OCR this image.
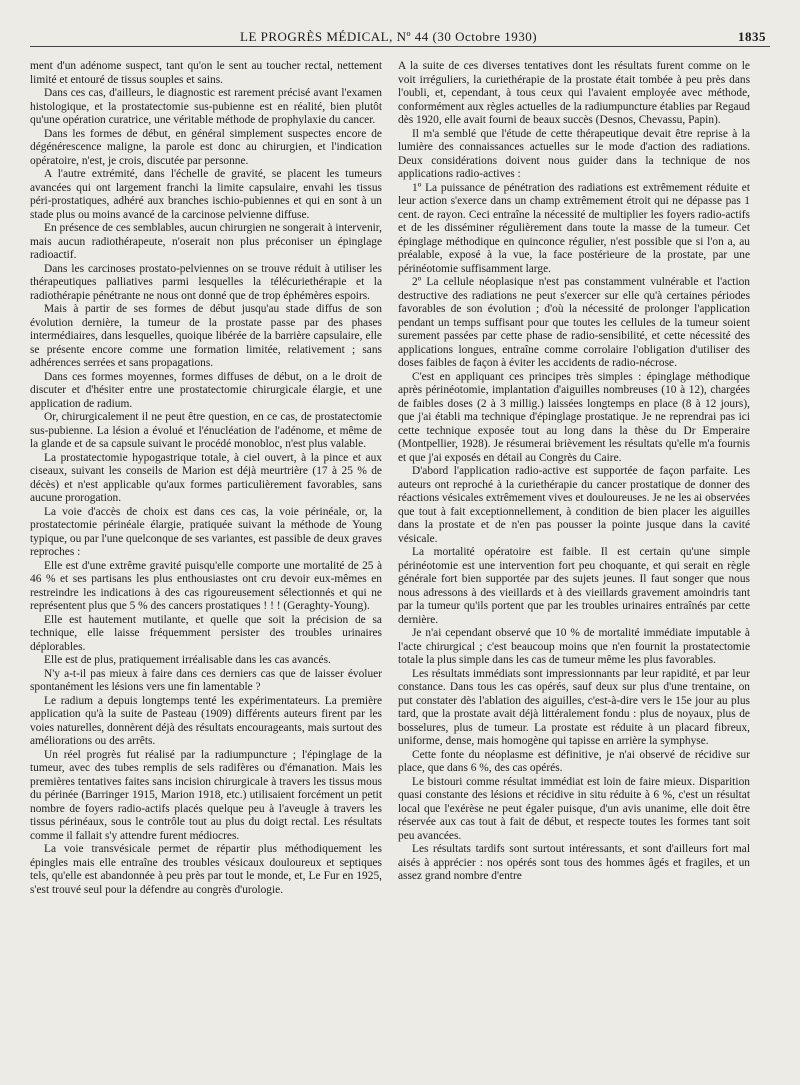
LE PROGRÈS MÉDICAL, Nº 44 (30 Octobre 1930)	1835

ment d'un adénome suspect, tant qu'on le sent au toucher rectal, nettement limité et entouré de tissus souples et sains.

Dans ces cas, d'ailleurs, le diagnostic est rarement précisé avant l'examen histologique, et la prostatectomie sus-pubienne est en réalité, bien plutôt qu'une opération curatrice, une véritable méthode de prophylaxie du cancer.

Dans les formes de début, en général simplement suspectes encore de dégénérescence maligne, la parole est donc au chirurgien, et l'indication opératoire, n'est, je crois, discutée par personne.

A l'autre extrémité, dans l'échelle de gravité, se placent les tumeurs avancées qui ont largement franchi la limite capsulaire, envahi les tissus péri-prostatiques, adhéré aux branches ischio-pubiennes et qui en sont à un stade plus ou moins avancé de la carcinose pelvienne diffuse.

En présence de ces semblables, aucun chirurgien ne songerait à intervenir, mais aucun radiothérapeute, n'oserait non plus préconiser un épinglage radioactif.

Dans les carcinoses prostato-pelviennes on se trouve réduit à utiliser les thérapeutiques palliatives parmi lesquelles la télécuriethérapie et la radiothérapie pénétrante ne nous ont donné que de trop éphémères espoirs.

Mais à partir de ses formes de début jusqu'au stade diffus de son évolution dernière, la tumeur de la prostate passe par des phases intermédiaires, dans lesquelles, quoique libérée de la barrière capsulaire, elle se présente encore comme une formation limitée, relativement ; sans adhérences serrées et sans propagations.

Dans ces formes moyennes, formes diffuses de début, on a le droit de discuter et d'hésiter entre une prostatectomie chirurgicale élargie, et une application de radium.

Or, chirurgicalement il ne peut être question, en ce cas, de prostatectomie sus-pubienne. La lésion a évolué et l'énucléation de l'adénome, et même de la glande et de sa capsule suivant le procédé monobloc, n'est plus valable.

La prostatectomie hypogastrique totale, à ciel ouvert, à la pince et aux ciseaux, suivant les conseils de Marion est déjà meurtrière (17 à 25 % de décès) et n'est applicable qu'aux formes particulièrement favorables, sans aucune prorogation.

La voie d'accès de choix est dans ces cas, la voie périnéale, or, la prostatectomie périnéale élargie, pratiquée suivant la méthode de Young typique, ou par l'une quelconque de ses variantes, est passible de deux graves reproches :

Elle est d'une extrême gravité puisqu'elle comporte une mortalité de 25 à 46 % et ses partisans les plus enthousiastes ont cru devoir eux-mêmes en restreindre les indications à des cas rigoureusement sélectionnés et qui ne représentent plus que 5 % des cancers prostatiques ! ! ! (Geraghty-Young).

Elle est hautement mutilante, et quelle que soit la précision de sa technique, elle laisse fréquemment persister des troubles urinaires déplorables.

Elle est de plus, pratiquement irréalisable dans les cas avancés.

N'y a-t-il pas mieux à faire dans ces derniers cas que de laisser évoluer spontanément les lésions vers une fin lamentable ?

Le radium a depuis longtemps tenté les expérimentateurs. La première application qu'à la suite de Pasteau (1909) différents auteurs firent par les voies naturelles, donnèrent déjà des résultats encourageants, mais surtout des améliorations ou des arrêts.

Un réel progrès fut réalisé par la radiumpuncture ; l'épinglage de la tumeur, avec des tubes remplis de sels radifères ou d'émanation. Mais les premières tentatives faites sans incision chirurgicale à travers les tissus mous du périnée (Barringer 1915, Marion 1918, etc.) utilisaient forcément un petit nombre de foyers radio-actifs placés quelque peu à l'aveugle à travers les tissus périnéaux, sous le contrôle tout au plus du doigt rectal. Les résultats comme il fallait s'y attendre furent médiocres.

La voie transvésicale permet de répartir plus méthodiquement les épingles mais elle entraîne des troubles vésicaux douloureux et septiques tels, qu'elle est abandonnée à peu près par tout le monde, et, Le Fur en 1925, s'est trouvé seul pour la défendre au congrès d'urologie.

A la suite de ces diverses tentatives dont les résultats furent comme on le voit irréguliers, la curiethérapie de la prostate était tombée à peu près dans l'oubli, et, cependant, à tous ceux qui l'avaient employée avec méthode, conformément aux règles actuelles de la radiumpuncture établies par Regaud dès 1920, elle avait fourni de beaux succès (Desnos, Chevassu, Papin).

Il m'a semblé que l'étude de cette thérapeutique devait être reprise à la lumière des connaissances actuelles sur le mode d'action des radiations. Deux considérations doivent nous guider dans la technique de nos applications radio-actives :

1º La puissance de pénétration des radiations est extrêmement réduite et leur action s'exerce dans un champ extrêmement étroit qui ne dépasse pas 1 cent. de rayon. Ceci entraîne la nécessité de multiplier les foyers radio-actifs et de les disséminer régulièrement dans toute la masse de la tumeur. Cet épinglage méthodique en quinconce régulier, n'est possible que si l'on a, au préalable, exposé à la vue, la face postérieure de la prostate, par une périnéotomie suffisamment large.

2º La cellule néoplasique n'est pas constamment vulnérable et l'action destructive des radiations ne peut s'exercer sur elle qu'à certaines périodes favorables de son évolution ; d'où la nécessité de prolonger l'application pendant un temps suffisant pour que toutes les cellules de la tumeur soient surement passées par cette phase de radio-sensibilité, et cette nécessité des applications longues, entraîne comme corrolaire l'obligation d'utiliser des doses faibles de façon à éviter les accidents de radio-nécrose.

C'est en appliquant ces principes très simples : épinglage méthodique après périnéotomie, implantation d'aiguilles nombreuses (10 à 12), chargées de faibles doses (2 à 3 millig.) laissées longtemps en place (8 à 12 jours), que j'ai établi ma technique d'épinglage prostatique. Je ne reprendrai pas ici cette technique exposée tout au long dans la thèse du Dr Emperaire (Montpellier, 1928). Je résumerai brièvement les résultats qu'elle m'a fournis et que j'ai exposés en détail au Congrès du Caire.

D'abord l'application radio-active est supportée de façon parfaite. Les auteurs ont reproché à la curiethérapie du cancer prostatique de donner des réactions vésicales extrêmement vives et douloureuses. Je ne les ai observées que tout à fait exceptionnellement, à condition de bien placer les aiguilles dans la prostate et de n'en pas pousser la pointe jusque dans la cavité vésicale.

La mortalité opératoire est faible. Il est certain qu'une simple périnéotomie est une intervention fort peu choquante, et qui serait en règle générale fort bien supportée par des sujets jeunes. Il faut songer que nous nous adressons à des vieillards et à des vieillards gravement amoindris tant par la tumeur qu'ils portent que par les troubles urinaires entraînés par cette dernière.

Je n'ai cependant observé que 10 % de mortalité immédiate imputable à l'acte chirurgical ; c'est beaucoup moins que n'en fournit la prostatectomie totale la plus simple dans les cas de tumeur même les plus favorables.

Les résultats immédiats sont impressionnants par leur rapidité, et par leur constance. Dans tous les cas opérés, sauf deux sur plus d'une trentaine, on put constater dès l'ablation des aiguilles, c'est-à-dire vers le 15e jour au plus tard, que la prostate avait déjà littéralement fondu : plus de noyaux, plus de bosselures, plus de tumeur. La prostate est réduite à un placard fibreux, uniforme, dense, mais homogène qui tapisse en arrière la symphyse.

Cette fonte du néoplasme est définitive, je n'ai observé de récidive sur place, que dans 6 %, des cas opérés.

Le bistouri comme résultat immédiat est loin de faire mieux. Disparition quasi constante des lésions et récidive in situ réduite à 6 %, c'est un résultat local que l'exérèse ne peut égaler puisque, d'un avis unanime, elle doit être réservée aux cas tout à fait de début, et respecte toutes les formes tant soit peu avancées.

Les résultats tardifs sont surtout intéressants, et sont d'ailleurs fort mal aisés à apprécier : nos opérés sont tous des hommes âgés et fragiles, et un assez grand nombre d'entre
